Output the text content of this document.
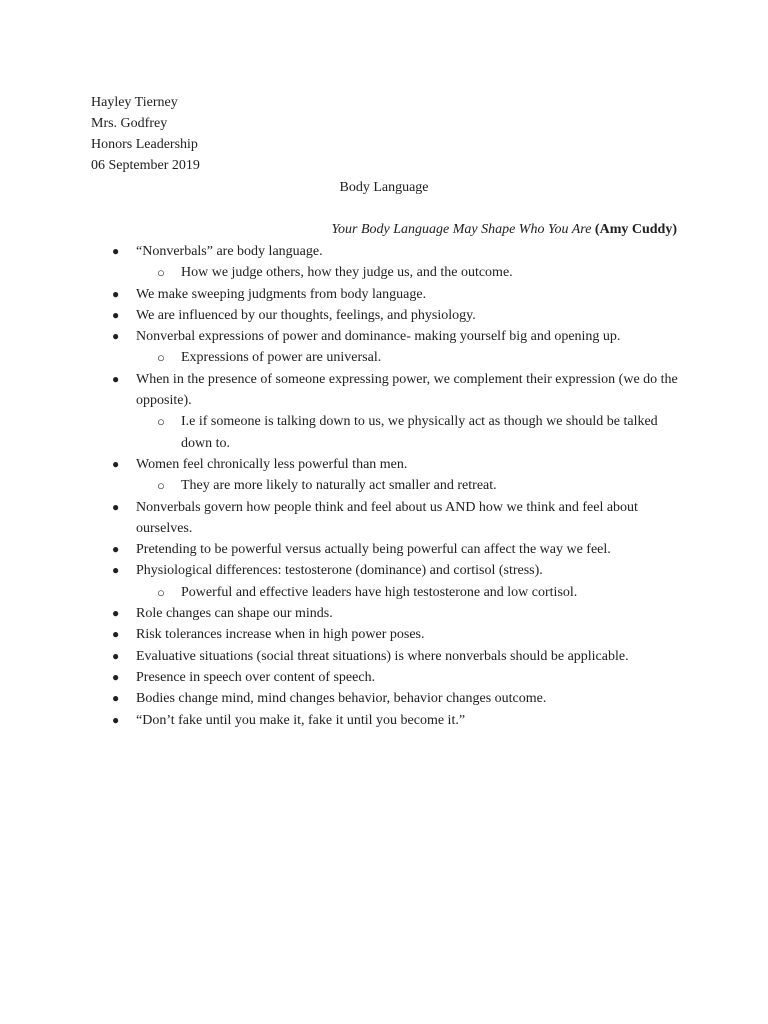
Hayley Tierney
Mrs. Godfrey
Honors Leadership
06 September 2019
Body Language
Your Body Language May Shape Who You Are (Amy Cuddy)
● “Nonverbals” are body language.
○ How we judge others, how they judge us, and the outcome.
● We make sweeping judgments from body language.
● We are influenced by our thoughts, feelings, and physiology.
● Nonverbal expressions of power and dominance- making yourself big and opening up.
○ Expressions of power are universal.
● When in the presence of someone expressing power, we complement their expression (we do the opposite).
○ I.e if someone is talking down to us, we physically act as though we should be talked down to.
● Women feel chronically less powerful than men.
○ They are more likely to naturally act smaller and retreat.
● Nonverbals govern how people think and feel about us AND how we think and feel about ourselves.
● Pretending to be powerful versus actually being powerful can affect the way we feel.
● Physiological differences: testosterone (dominance) and cortisol (stress).
○ Powerful and effective leaders have high testosterone and low cortisol.
● Role changes can shape our minds.
● Risk tolerances increase when in high power poses.
● Evaluative situations (social threat situations) is where nonverbals should be applicable.
● Presence in speech over content of speech.
● Bodies change mind, mind changes behavior, behavior changes outcome.
● “Don’t fake until you make it, fake it until you become it.”
